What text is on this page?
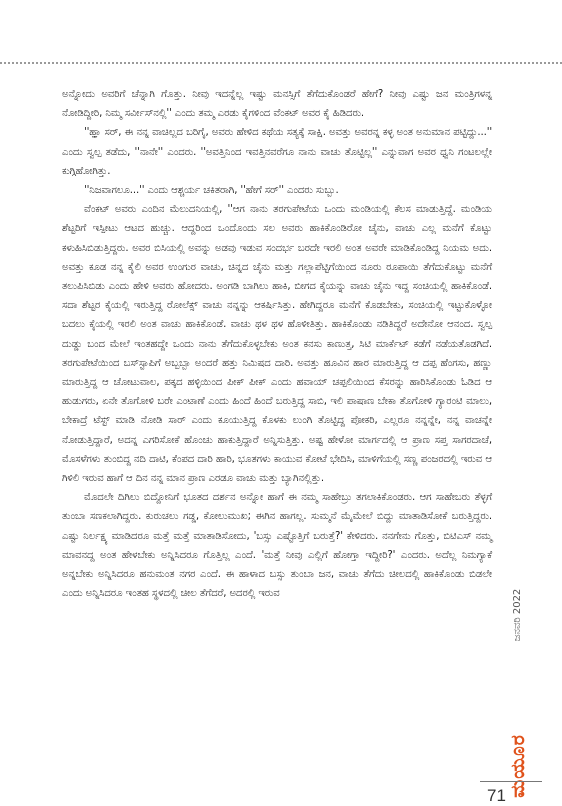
ಅನ್ನೋದು ಅವರಿಗೆ ಚೆನ್ನಾಗಿ ಗೊತ್ತು. ನೀವು ಇದನ್ನೆಲ್ಲ ಇಷ್ಟು ಮನಸ್ಸಿಗೆ ತೆಗೆದುಕೊಂಡರೆ ಹೇಗೆ? ನೀವು ಎಷ್ಟು ಜನ ಮಂತ್ರಿಗಳನ್ನ ನೋಡಿದ್ದೀರಿ, ನಿಮ್ಮ ಸರ್ವೀಸ್‌ನಲ್ಲಿ'' ಎಂದು ತಮ್ಮ ಎರಡು ಕೈಗಳಿಂದ ವೆಂಕಟ್ ಅವರ ಕೈ ಹಿಡಿದರು.

''ಹ್ಞಾ ಸರ್, ಈ ನನ್ನ ವಾಚಿಲ್ಲದ ಬರಿಗೈ, ಅವರು ಹೇಳಿದ ಕಥೆಯ ಸತ್ಯಕ್ಕೆ ಸಾಕ್ಷಿ. ಅವತ್ತು ಅವರನ್ನ ಕಳ್ಳ ಅಂತ ಅನುಮಾನ ಪಟ್ಟಿದ್ದು...'' ಎಂದು ಸ್ವಲ್ಪ ತಡೆದು, ''ನಾನೇ'' ಎಂದರು. ''ಅವತ್ತಿನಿಂದ ಇವತ್ತಿನವರೆಗೂ ನಾನು ವಾಚು ತೊಟ್ಟಿಲ್ಲ'' ಎನ್ನುವಾಗ ಅವರ ಧ್ವನಿ ಗಂಟಲಲ್ಲೇ ಕುಗ್ಗಿಹೋಗಿತ್ತು.

''ನಿಜವಾಗಲೂ...'' ಎಂದು ಆಶ್ಚರ್ಯ ಚಕಿತರಾಗಿ, ''ಹೇಗೆ ಸರ್'' ಎಂದರು ಸುಬ್ಬು.

ವೆಂಕಟ್ ಅವರು ಎಂದಿನ ಮೆಲುದನಿಯಲ್ಲಿ, ''ಆಗ ನಾನು ತರಗುಪೇಟೆಯ ಒಂದು ಮಂಡಿಯಲ್ಲಿ ಕೆಲಸ ಮಾಡುತ್ತಿದ್ದೆ. ಮಂಡಿಯ ಶೆಟ್ಟರಿಗೆ ಇಸ್ಪೀಟು ಆಟದ ಹುಚ್ಚು. ಆದ್ದರಿಂದ ಒಂದೊಂದು ಸಲ ಅವರು ಹಾಕಿಕೊಂಡಿರೋ ಚೈನು, ವಾಚು ಎಲ್ಲ ಮನೆಗೆ ಕೊಟ್ಟು ಕಳುಹಿಸಿಬಿಡುತ್ತಿದ್ದರು. ಅವರ ಬಿಸಿಯಲ್ಲಿ ಅವನ್ನು ಅಡವು ಇಡುವ ಸಂದರ್ಭ ಬರದೇ ಇರಲಿ ಅಂತ ಅವರೇ ಮಾಡಿಕೊಂಡಿದ್ದ ನಿಯಮ ಅದು. ಅವತ್ತು ಕೂಡ ನನ್ನ ಕೈಲಿ ಅವರ ಉಂಗುರ ವಾಚು, ಚಿನ್ನದ ಚೈನು ಮತ್ತು ಗಲ್ಲಾಪೆಟ್ಟಿಗೆಯಿಂದ ನೂರು ರೂಪಾಯಿ ತೆಗೆದುಕೊಟ್ಟು ಮನೆಗೆ ತಲುಪಿಸಿಬಿಡು ಎಂದು ಹೇಳಿ ಅವರು ಹೋದರು. ಅಂಗಡಿ ಬಾಗಿಲು ಹಾಕಿ, ಬೀಗದ ಕೈಯನ್ನು ವಾಚು ಚೈನು ಇದ್ದ ಸಂಚಿಯಲ್ಲಿ ಹಾಕಿಕೊಂಡೆ. ಸದಾ ಶೆಟ್ಟರ ಕೈಯಲ್ಲಿ ಇರುತ್ತಿದ್ದ ರೋಲೆಕ್ಸ್ ವಾಚು ನನ್ನನ್ನು ಆಕರ್ಷಿಸಿತ್ತು. ಹೇಗಿದ್ದರೂ ಮನೆಗೆ ಕೊಡಬೇಕು, ಸಂಚಿಯಲ್ಲಿ ಇಟ್ಟುಕೊಳ್ಳೋ ಬದಲು ಕೈಯಲ್ಲಿ ಇರಲಿ ಅಂತ ವಾಚು ಹಾಕಿಕೊಂಡೆ. ವಾಚು ಥಳ ಥಳ ಹೊಳೀತಿತ್ತು. ಹಾಕಿಕೊಂಡು ನಡಿತಿದ್ದರೆ ಅದೇನೋ ಆನಂದ. ಸ್ವಲ್ಪ ದುಡ್ಡು ಬಂದ ಮೇಲೆ ಇಂತಹದ್ದೇ ಒಂದು ನಾನು ತೆಗೆದುಕೊಳ್ಳಬೇಕು ಅಂತ ಕನಸು ಕಾಣುತ್ತ, ಸಿಟಿ ಮಾರ್ಕೆಟ್ ಕಡೆಗೆ ನಡೆಯತೊಡಗಿದೆ. ತರಗುಪೇಟೆಯಿಂದ ಬಸ್‌ಸ್ಟಾಪಿಗೆ ಅಬ್ಬಬ್ಬಾ ಅಂದರೆ ಹತ್ತು ನಿಮಿಷದ ದಾರಿ. ಅವತ್ತು ಹೂವಿನ ಹಾರ ಮಾರುತ್ತಿದ್ದ ಆ ದಪ್ಪ ಹೆಂಗಸು, ಹಣ್ಣು ಮಾರುತ್ತಿದ್ದ ಆ ಚೋಟುವಾಲ, ಪಕ್ಕದ ಹಳ್ಳಿಯಿಂದ ಪೀಕ್ ಪೀಕ್ ಎಂದು ಹವಾಯ್ ಚಪ್ಪಲಿಯಿಂದ ಕೆಸರನ್ನು ಹಾರಿಸಿಕೊಂಡು ಓಡಿದ ಆ ಹುಡುಗರು, ಏನೇ ತೊಗೋಳಿ ಬರೇ ಎಂಟಾಣೆ ಎಂದು ಹಿಂದೆ ಹಿಂದೆ ಬರುತ್ತಿದ್ದ ಸಾಬಿ, ಇಲಿ ಪಾಷಾಣ ಬೇಕಾ ತೊಗೋಳಿ ಗ್ಯಾರಂಟಿ ಮಾಲು, ಬೇಕಾದ್ರೆ ಟೆಸ್ಟ್ ಮಾಡಿ ನೋಡಿ ಸಾರ್ ಎಂದು ಕೂಯುತ್ತಿದ್ದ ಕೊಳಕು ಲುಂಗಿ ತೊಟ್ಟಿದ್ದ ಪೋಕರಿ, ಎಲ್ಲರೂ ನನ್ನನ್ನೇ, ನನ್ನ ವಾಚನ್ನೇ ನೋಡುತ್ತಿದ್ದಾರೆ, ಅದನ್ನ ಎಗರಿಸೋಕೆ ಹೊಂಚು ಹಾಕುತ್ತಿದ್ದಾರೆ ಅನ್ನಿಸುತ್ತಿತ್ತು. ಅಷ್ಟ ಹೇಳೋ ಮಾರ್ಗದಲ್ಲಿ ಆ ಪ್ರಾಣ ಸಪ್ತ ಸಾಗರದಾಚೆ, ಮೊಸಳೆಗಳು ತುಂಬಿದ್ದ ನದಿ ದಾಟಿ, ಕೆಂಪದ ದಾರಿ ಹಾರಿ, ಭೂತಗಳು ಕಾಯುವ ಕೋಟೆ ಭೇದಿಸಿ, ಮಾಳಿಗೆಯಲ್ಲಿ ಸಣ್ಣ ಪಂಜರದಲ್ಲಿ ಇರುವ ಆ ಗಿಳಿಲಿ ಇರುವ ಹಾಗೆ ಆ ದಿನ ನನ್ನ ಮಾನ ಪ್ರಾಣ ಎರಡೂ ವಾಚು ಮತ್ತು ಬ್ಯಾಗಿನಲ್ಲಿತ್ತು.

ಮೊದಲೇ ದಿಗಿಲು ಬಿದ್ದೋನಿಗೆ ಭೂತದ ದರ್ಶನ ಅನ್ನೋ ಹಾಗೆ ಈ ನಮ್ಮ ಸಾಹೇಬ್ರು ತಗಲಾಕಿಕೊಂಡರು. ಆಗ ಸಾಹೇಬರು ತೆಳ್ಳಗೆ ತುಂಬಾ ಸಣಕಲಾಗಿದ್ದರು. ಕುರುಚಲು ಗಡ್ಡ, ಕೋಲುಮುಖ; ಈಗಿನ ಹಾಗಲ್ಲ. ಸುಮ್ಮನೆ ಮೈಮೇಲೆ ಬಿದ್ದು ಮಾತಾಡಿಸೋಕೆ ಬರುತ್ತಿದ್ದರು. ಎಷ್ಟು ನಿರ್ಲಕ್ಷ್ಯ ಮಾಡಿದರೂ ಮತ್ತೆ ಮತ್ತೆ ಮಾತಾಡಿಸೋದು, 'ಬಸ್ಸು ಎಷ್ಟೊತ್ತಿಗೆ ಬರುತ್ತೆ?' ಕೇಳಿದರು. ನನಗೇನು ಗೊತ್ತು, ಬಿಟಿಎಸ್ ನಮ್ಮ ಮಾವನದ್ದ ಅಂತ ಹೇಳಬೇಕು ಅನ್ನಿಸಿದರೂ ಗೊತ್ತಿಲ್ಲ ಎಂದೆ. 'ಮತ್ತೆ ನೀವು ಎಲ್ಲಿಗೆ ಹೋಗ್ತಾ ಇದ್ದೀರಿ?' ಎಂದರು. ಅದೆಲ್ಲ ನಿಮಗ್ಯಾಕೆ ಅನ್ನಬೇಕು ಅನ್ನಿಸಿದರೂ ಹನುಮಂತ ನಗರ ಎಂದೆ. ಈ ಹಾಳಾದ ಬಸ್ಸು ತುಂಬಾ ಜನ, ವಾಚು ತೆಗೆದು ಚೀಲದಲ್ಲಿ ಹಾಕಿಕೊಂಡು ಬಿಡಲೇ ಎಂದು ಅನ್ನಿಸಿದರೂ ಇಂತಹ ಸ್ಥಳದಲ್ಲಿ ಚೀಲ ತೆಗೆದರೆ, ಅದರಲ್ಲಿ ಇರುವ	ಜನವರಿ 2022
ಮಯೂರ
71
